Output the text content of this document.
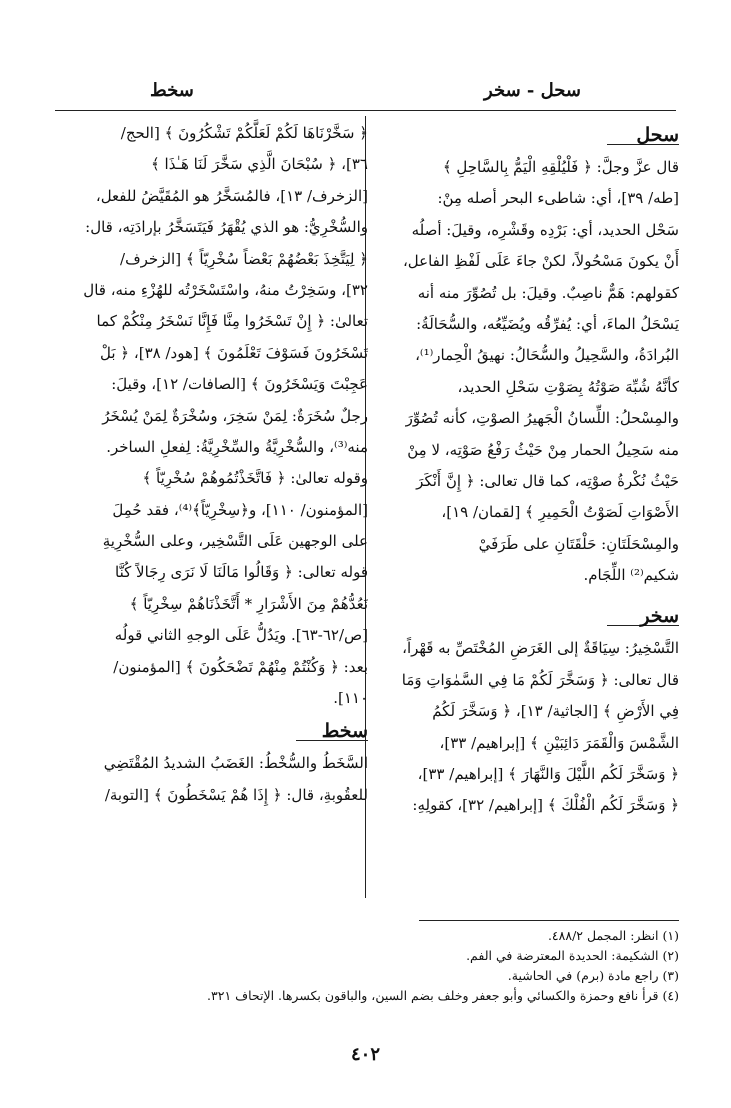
سحل - سخر
سخط
سحل
قال عزَّ وجلَّ: ﴿ فَلْيُلْقِهِ الْيَمُّ بِالسَّاحِلِ ﴾
[طه/ ٣٩]، أي: شاطىء البحر أصله مِنْ:
سَحْل الحديد، أي: بَرْدِه وقَشْرِه، وقيلَ: أصلُه
أَنْ يكونَ مَسْحُولاً، لكنْ جاءَ عَلَى لَفْظِ الفاعل،
كقولهم: هَمٌّ ناصِبٌ. وقيلَ: بل تُصُوِّرَ منه أنه
يَسْحَلُ الماءَ، أي: يُفرِّقُه ويُضَيِّعُه، والسُّحَالَةُ:
البُرادَةُ، والسَّحِيلُ والسُّحَالُ: نهيقُ الْحِمار⁽¹⁾،
كأنَّهُ شُبِّهَ صَوْتُهُ بِصَوْتِ سَحْلِ الحديد،
والمِسْحلُ: اللِّسانُ الْجَهيرُ الصوْتِ، كأنه تُصُوِّرَ
منه سَحِيلُ الحمار مِنْ حَيْثُ رَفْعُ صَوْتِه، لا مِنْ
حَيْثُ نُكْرةُ صوْتِه، كما قال تعالى: ﴿ إِنَّ أَنْكَرَ
الأَصْوَاتِ لَصَوْتُ الْحَمِيرِ ﴾ [لقمان/ ١٩]،
والمِسْحَلَتَانِ: حَلْقَتَانِ على طَرَفَيْ
شكيم⁽²⁾ اللِّجَام.
سخر
التَّسْخِيرُ: سِيَاقَةٌ إلى الغَرَضِ المُخْتَصِّ به قَهْراً،
قال تعالى: ﴿ وَسَخَّرَ لَكُمْ مَا فِي السَّمٰوَاتِ وَمَا
فِي الأَرْضِ ﴾ [الجاثية/ ١٣]، ﴿ وَسَخَّرَ لَكُمُ
الشَّمْسَ وَالْقَمَرَ دَائِبَيْنِ ﴾ [إبراهيم/ ٣٣]،
﴿ وَسَخَّرَ لَكُم اللَّيْلَ وَالنَّهَارَ ﴾ [إبراهيم/ ٣٣]،
﴿ وَسَخَّرَ لَكُم الْفُلْكَ ﴾ [إبراهيم/ ٣٢]، كقولِهِ:
﴿ سَخَّرْنَاهَا لَكُمْ لَعَلَّكُمْ تَشْكُرُونَ ﴾ [الحج/
٣٦]، ﴿ سُبْحَانَ الَّذِي سَخَّرَ لَنَا هَـٰذَا ﴾
[الزخرف/ ١٣]، فالمُسَخَّرُ هو المُقَيَّضُ للفعل،
والسُّخْرِيُّ: هو الذي يُقْهَرُ فَيَتَسَخَّرُ بإرادَتِه، قال:
﴿ لِيَتَّخِذَ بَعْضُهُمْ بَعْضاً سُخْرِيّاً ﴾ [الزخرف/
٣٢]، وسَخِرْتُ منهُ، واسْتَسْخَرْتُه للهُزْءِ منه، قال
تعالىٰ: ﴿ إِنْ تَسْخَرُوا مِنَّا فَإِنَّا نَسْخَرُ مِنْكُمْ كما
تَسْخَرُونَ فَسَوْفَ تَعْلَمُونَ ﴾ [هود/ ٣٨]، ﴿ بَلْ
عَجِبْتَ وَيَسْخَرُونَ ﴾ [الصافات/ ١٢]، وقيلَ:
رجلٌ سُخَرَةٌ: لِمَنْ سَخِرَ، وسُخْرَةٌ لِمَنْ يُسْخَرُ
منه⁽³⁾، والسُّخْرِيَّةُ والسِّخْرِيَّةُ: لِفعلِ الساخر.
وقوله تعالىٰ: ﴿ فَاتَّخَذْتُمُوهُمْ سُخْرِيّاً ﴾
[المؤمنون/ ١١٠]، و﴿سِخْرِيّاً﴾⁽⁴⁾، فقد حُمِلَ
على الوجهين عَلَى التَّسْخِير، وعلى السُّخْرِيةِ
قوله تعالى: ﴿ وَقَالُوا مَالَنَا لَا نَرَى رِجَالاً كُنَّا
نَعُدُّهُمْ مِنَ الأَشْرَارِ * أَتَّخَذْنَاهُمْ سِخْرِيّاً ﴾
[ص/٦٢-٦٣]. ويَدُلُّ عَلَى الوجهِ الثاني قولُه
بعد: ﴿ وَكُنْتُمْ مِنْهُمْ تَضْحَكُونَ ﴾ [المؤمنون/
١١٠].
سخط
السَّخَطُ والسُّخْطُ: الغَضَبُ الشديدُ المُقْتَضِي
للعقُوبةِ، قال: ﴿ إِذَا هُمْ يَسْخَطُونَ ﴾ [التوبة/
(١) انظر: المجمل ٤٨٨/٢.
(٢) الشكيمة: الحديدة المعترضة في الفم.
(٣) راجع مادة (برم) في الحاشية.
(٤) قرأ نافع وحمزة والكسائي وأبو جعفر وخلف بضم السين، والباقون بكسرها. الإتحاف ٣٢١.
٤٠٢
